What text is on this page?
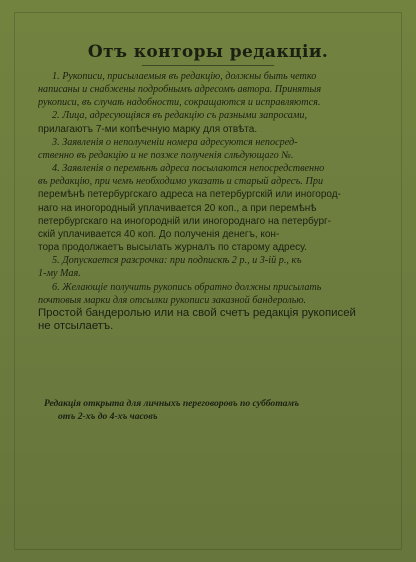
Отъ конторы редакціи.
1. Рукописи, присылаемыя въ редакцію, должны быть четко
написаны и снабжены подробнымъ адресомъ автора. Принятыя
рукописи, въ случаѣ надобности, сокращаются и исправляются.
2. Лица, адресующіяся въ редакцію съ разными запросами,
прилагаютъ 7-ми копѣечную марку для отвѣта.
3. Заявленія о неполученіи номера адресуются непосред-
ственно въ редакцію и не позже полученія слѣдующаго №.
4. Заявленія о перемѣнѣ адреса посылаются непосредственно
въ редакцію, при чемъ необходимо указать и старый адресъ. При
перемѣнѣ петербургскаго адреса на петербургскій или иногород-
наго на иногородный уплачивается 20 коп., а при перемѣнѣ
петербургскаго на иногородній или иногороднаго на петербург-
скій уплачивается 40 коп. До полученія денегъ, кон-
тора продолжаетъ высылать журналъ по старому адресу.
5. Допускается разсрочка: при подпискѣ 2 р., и 3-ій р., къ
1-му Мая.
6. Желающіе получить рукопись обратно должны присылать
почтовыя марки для отсылки рукописи заказной бандеролью.
Простой бандеролью или на свой счетъ редакція рукописей
не отсылаетъ.
Редакція открыта для личныхъ переговоровъ по субботамъ
отъ 2-хъ до 4-хъ часовъ
